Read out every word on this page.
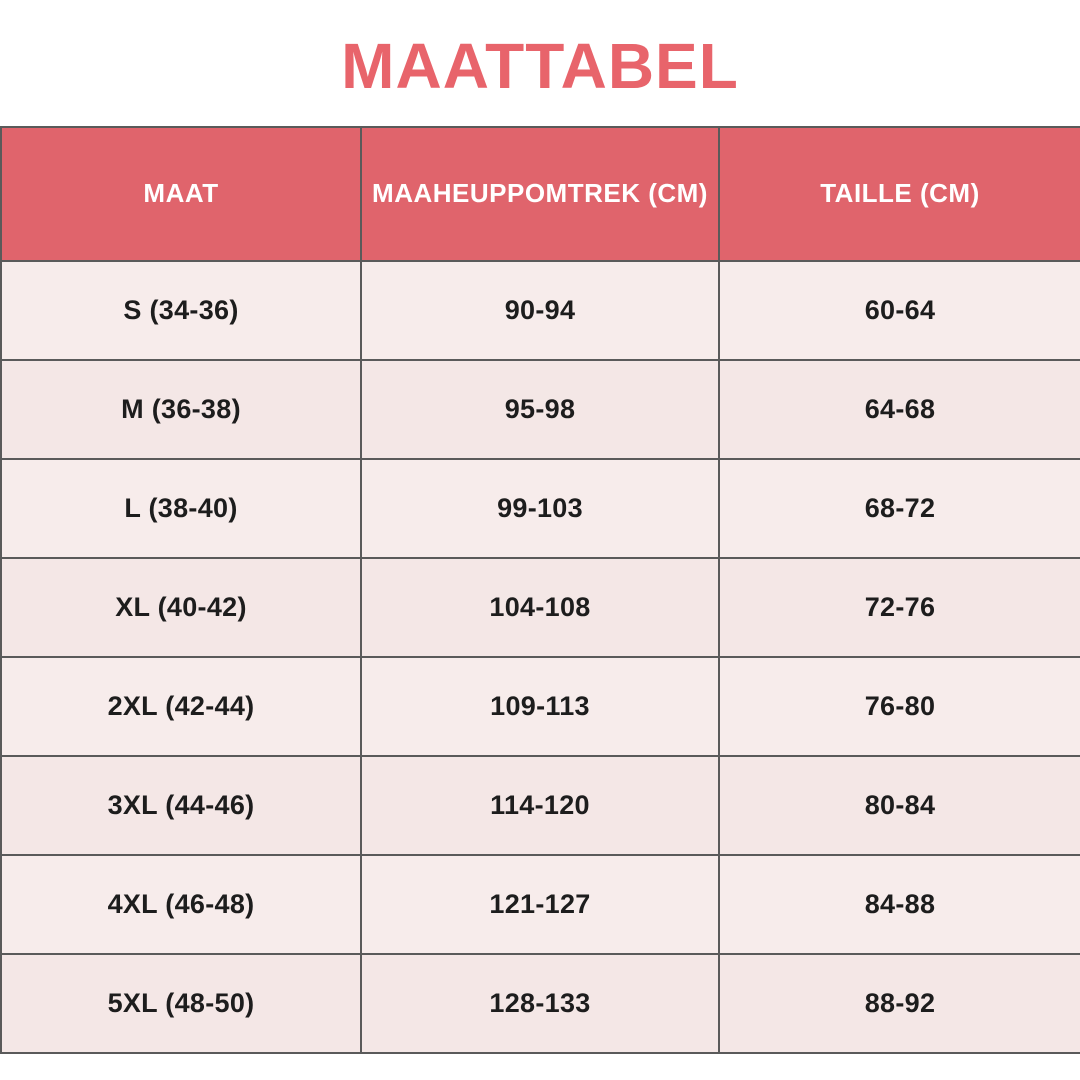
MAATTABEL
MAAT	MAAHEUPPOMTREK (CM)	TAILLE (CM)
S (34-36)	90-94	60-64
M (36-38)	95-98	64-68
L (38-40)	99-103	68-72
XL (40-42)	104-108	72-76
2XL (42-44)	109-113	76-80
3XL (44-46)	114-120	80-84
4XL (46-48)	121-127	84-88
5XL (48-50)	128-133	88-92
